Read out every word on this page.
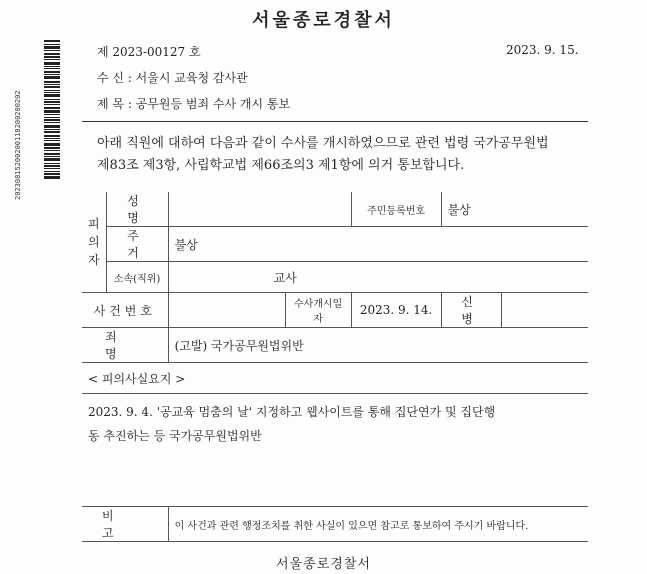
서울종로경찰서
20230815200200118200200202
제 2023-00127 호	2023. 9. 15.
수 신 : 서울시 교육청 감사관
제 목 : 공무원등 범죄 수사 개시 통보
아래 직원에 대하여 다음과 같이 수사를 개시하였으므로 관련 법령 국가공무원법
제83조 제3항, 사립학교법 제66조의3 제1항에 의거 통보합니다.
피
의
자	성 명			주민등록번호	불상	
	주 거	불상				
	소속(직위)	교사				
사건번호			수사개시일자	2023. 9. 14.	신 병	
죄 명		(고발) 국가공무원법위반				
< 피의사실요지 >						

2023. 9. 4. '공교육 멈춤의 날' 지정하고 웹사이트를 통해 집단연가 및 집단행
동 추진하는 등 국가공무원법위반						

비 고		이 사건과 관련 행정조치를 취한 사실이 있으면 참고로 통보하여 주시기 바랍니다.				
서울종로경찰서
